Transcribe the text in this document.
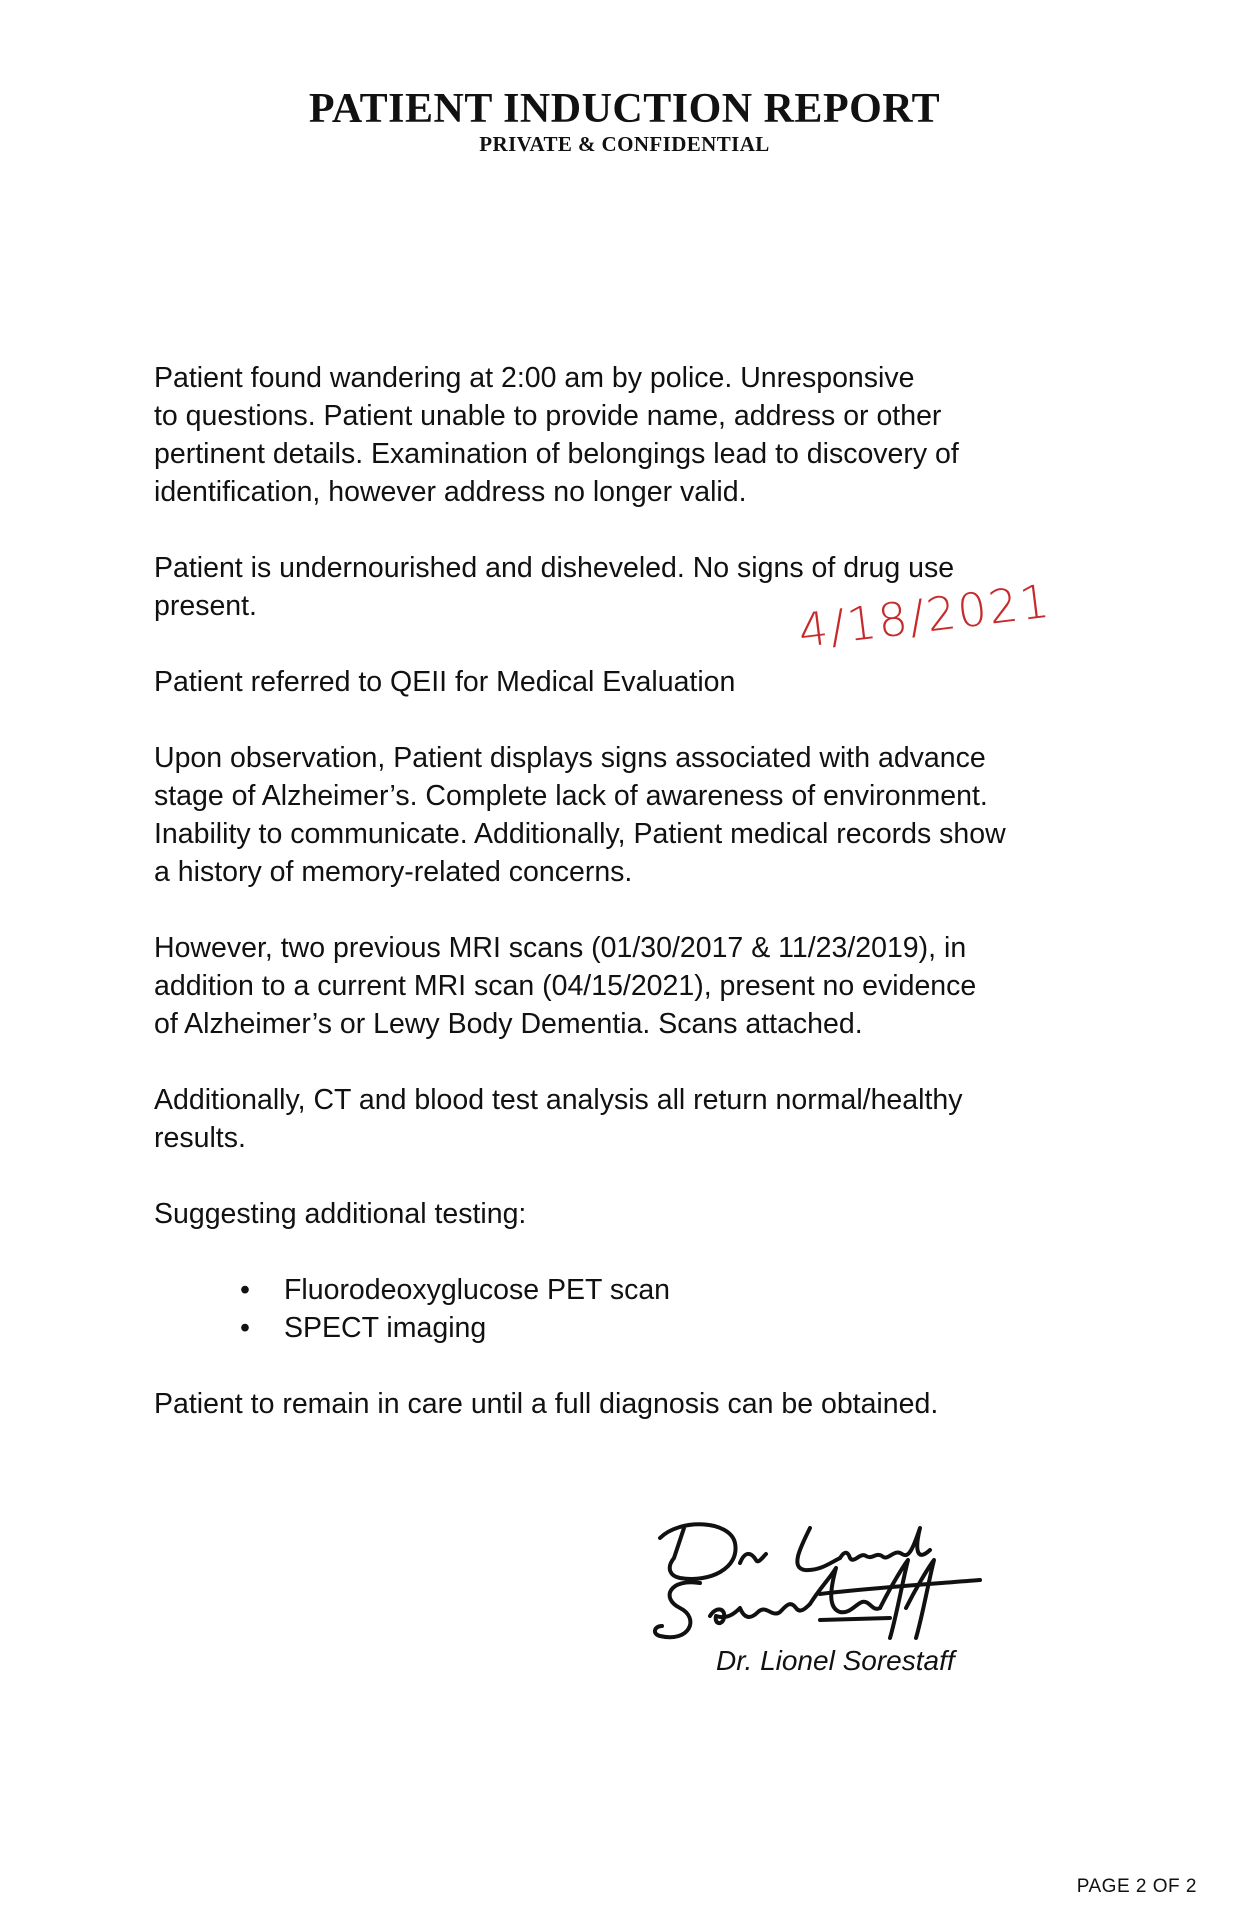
PATIENT INDUCTION REPORT
PRIVATE & CONFIDENTIAL

Patient found wandering at 2:00 am by police. Unresponsive
to questions. Patient unable to provide name, address or other
pertinent details. Examination of belongings lead to discovery of
identification, however address no longer valid.

Patient is undernourished and disheveled. No signs of drug use
present.

Patient referred to QEII for Medical Evaluation

Upon observation, Patient displays signs associated with advance
stage of Alzheimer’s. Complete lack of awareness of environment.
Inability to communicate. Additionally, Patient medical records show
a history of memory-related concerns.

However, two previous MRI scans (01/30/2017 & 11/23/2019), in
addition to a current MRI scan (04/15/2021), present no evidence
of Alzheimer’s or Lewy Body Dementia. Scans attached.

Additionally, CT and blood test analysis all return normal/healthy
results.

Suggesting additional testing:

• Fluorodeoxyglucose PET scan
• SPECT imaging

Patient to remain in care until a full diagnosis can be obtained.

4/18/2021
Dr. Lionel Sorestaff
PAGE 2 OF 2
